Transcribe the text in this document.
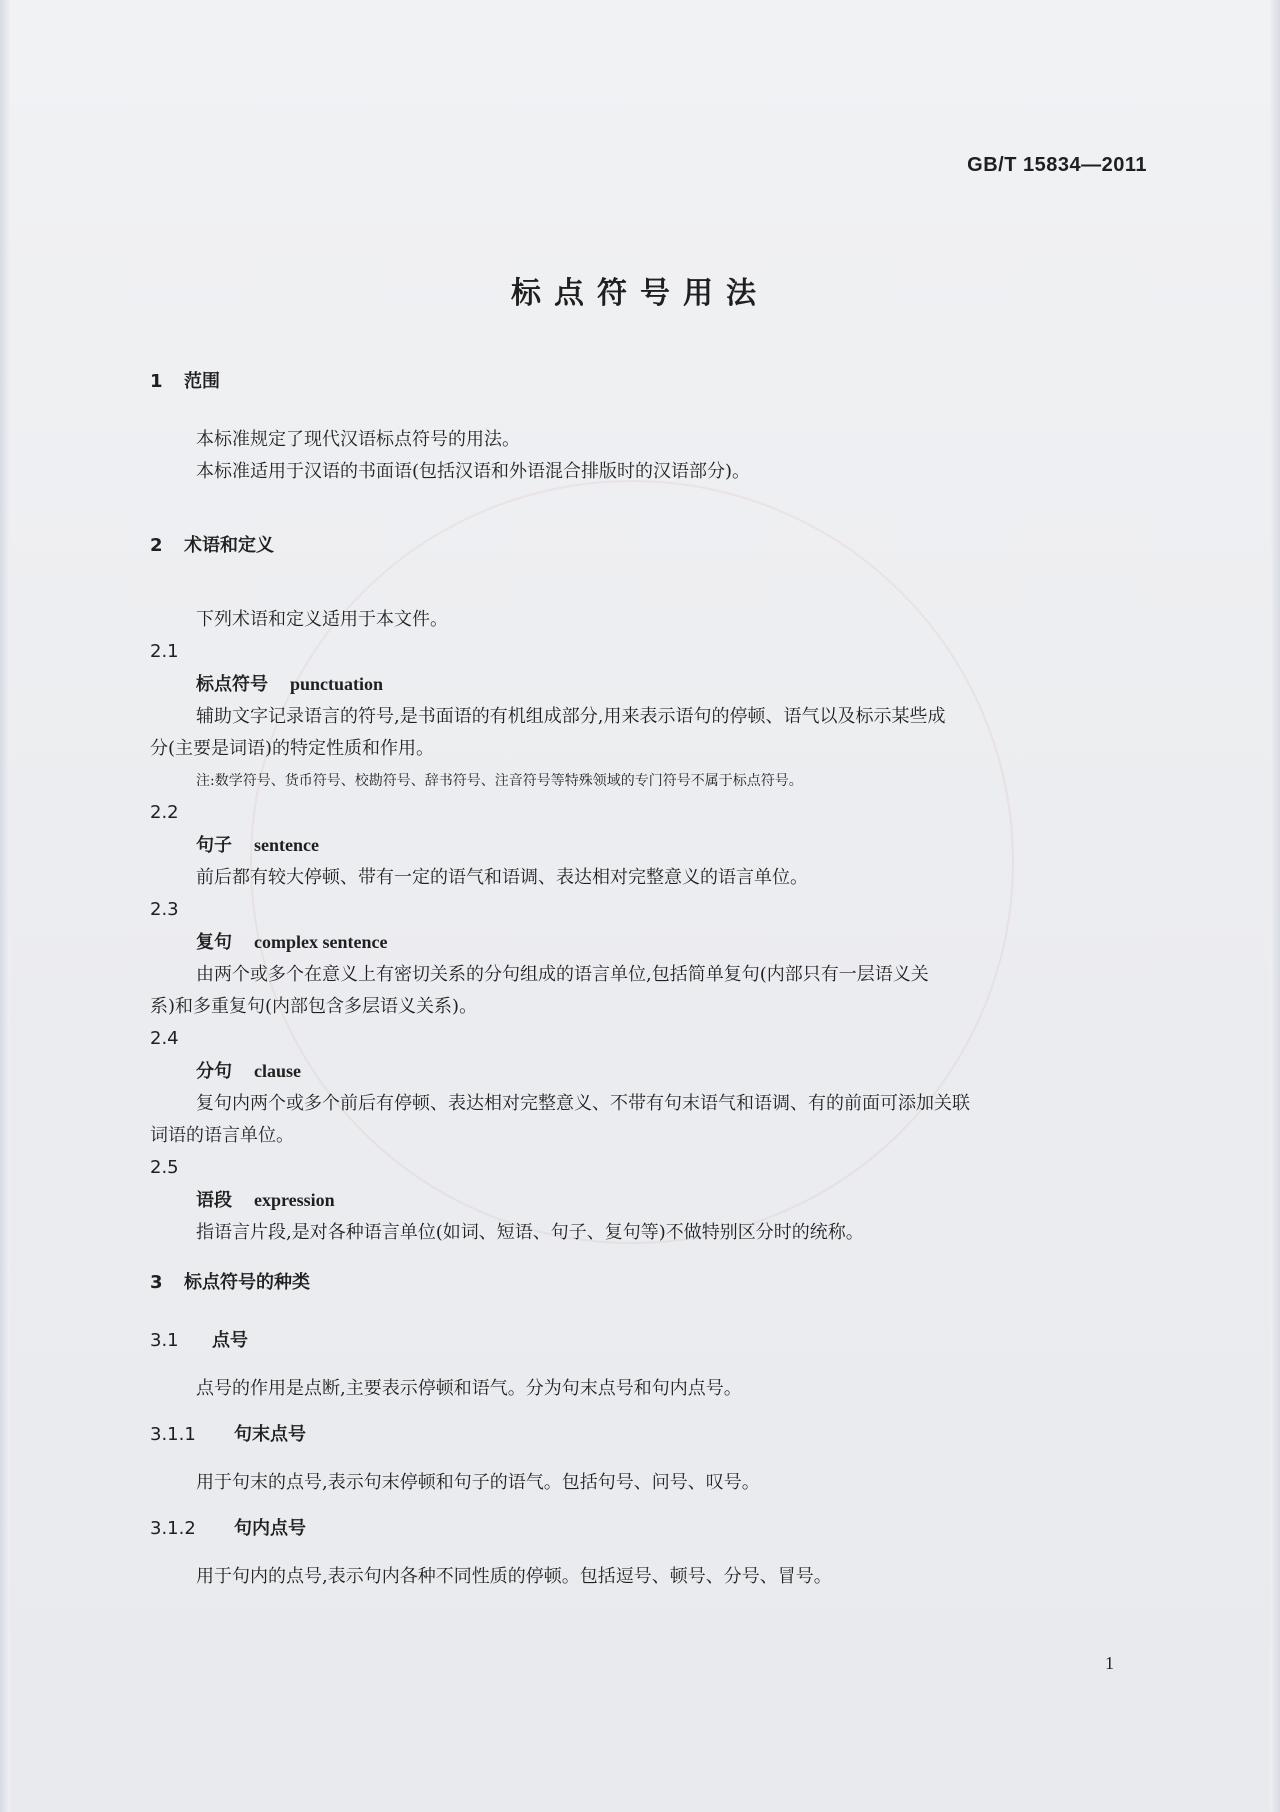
GB/T 15834—2011
标点符号用法

1 范围

本标准规定了现代汉语标点符号的用法。

本标准适用于汉语的书面语(包括汉语和外语混合排版时的汉语部分)。

2 术语和定义

下列术语和定义适用于本文件。

2.1

标点符号 punctuation

辅助文字记录语言的符号,是书面语的有机组成部分,用来表示语句的停顿、语气以及标示某些成

分(主要是词语)的特定性质和作用。

注:数学符号、货币符号、校勘符号、辞书符号、注音符号等特殊领域的专门符号不属于标点符号。

2.2

句子 sentence

前后都有较大停顿、带有一定的语气和语调、表达相对完整意义的语言单位。

2.3

复句 complex sentence

由两个或多个在意义上有密切关系的分句组成的语言单位,包括简单复句(内部只有一层语义关

系)和多重复句(内部包含多层语义关系)。

2.4

分句 clause

复句内两个或多个前后有停顿、表达相对完整意义、不带有句末语气和语调、有的前面可添加关联

词语的语言单位。

2.5

语段 expression

指语言片段,是对各种语言单位(如词、短语、句子、复句等)不做特别区分时的统称。

3 标点符号的种类

3.1 点号

点号的作用是点断,主要表示停顿和语气。分为句末点号和句内点号。

3.1.1 句末点号

用于句末的点号,表示句末停顿和句子的语气。包括句号、问号、叹号。

3.1.2 句内点号

用于句内的点号,表示句内各种不同性质的停顿。包括逗号、顿号、分号、冒号。

1
